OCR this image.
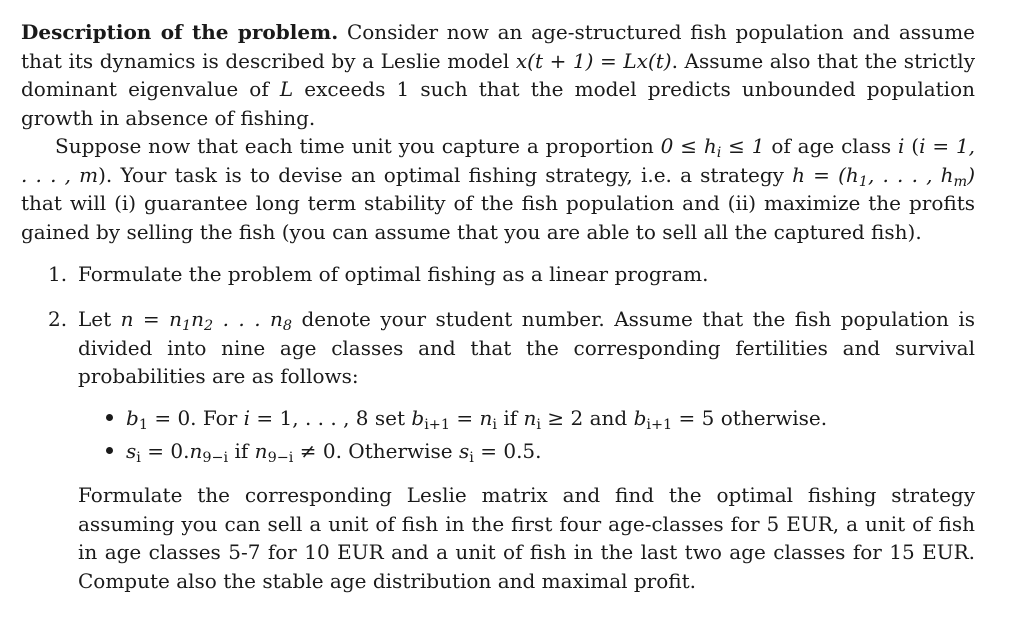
Description of the problem. Consider now an age-structured fish population and assume that its dynamics is described by a Leslie model x(t + 1) = Lx(t). Assume also that the strictly dominant eigenvalue of L exceeds 1 such that the model predicts unbounded population growth in absence of fishing.
Suppose now that each time unit you capture a proportion $0 \le h_i \le 1$ of age class i (i = 1, . . . , m). Your task is to devise an optimal fishing strategy, i.e. a strategy $h = (h_1$, . . . , $h_m$) that will (i) guarantee long term stability of the fish population and (ii) maximize the profits gained by selling the fish (you can assume that you are able to sell all the captured fish).
1. Formulate the problem of optimal fishing as a linear program.
2. Let $n = n_1n_2$ . . . $n_8$ denote your student number. Assume that the fish population is divided into nine age classes and that the corresponding fertilities and survival probabilities are as follows:
$b_1 = 0$. For i = 1, . . . , 8 set $b_{i+1} = n_i$ if $n_i \ge 2$ and $b_{i+1} = 5$ otherwise.
$s_i = 0.n_{9-i}$ if $n_{9-i} \ne 0$. Otherwise $s_i = 0.5$.
Formulate the corresponding Leslie matrix and find the optimal fishing strategy assuming you can sell a unit of fish in the first four age-classes for 5 EUR, a unit of fish in age classes 5-7 for 10 EUR and a unit of fish in the last two age classes for 15 EUR. Compute also the stable age distribution and maximal profit.
